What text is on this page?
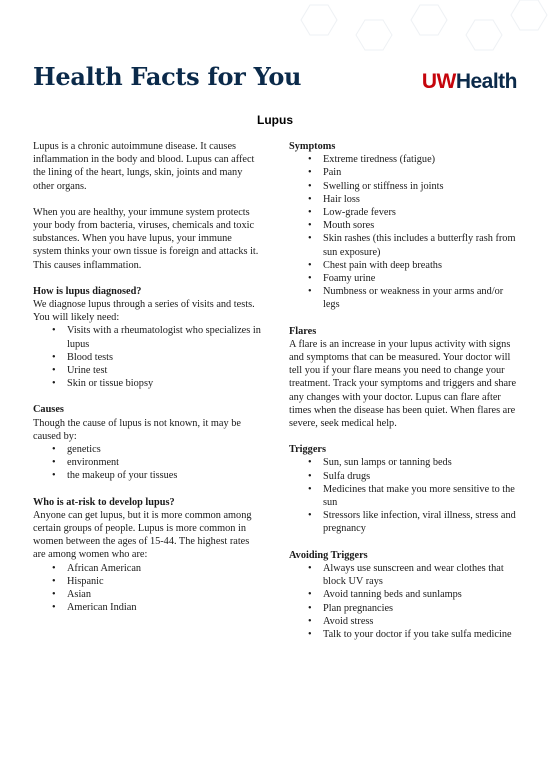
Health Facts for You	UWHealth
Lupus

Lupus is a chronic autoimmune disease. It causes inflammation in the body and blood. Lupus can affect the lining of the heart, lungs, skin, joints and many other organs.

When you are healthy, your immune system protects your body from bacteria, viruses, chemicals and toxic substances. When you have lupus, your immune system thinks your own tissue is foreign and attacks it. This causes inflammation.

How is lupus diagnosed?

We diagnose lupus through a series of visits and tests. You will likely need:

• Visits with a rheumatologist who specializes in lupus
• Blood tests
• Urine test
• Skin or tissue biopsy
Causes

Though the cause of lupus is not known, it may be caused by:

• genetics
• environment
• the makeup of your tissues
Who is at-risk to develop lupus?

Anyone can get lupus, but it is more common among certain groups of people. Lupus is more common in women between the ages of 15-44. The highest rates are among women who are:

• African American
• Hispanic
• Asian
• American Indian
Symptoms
• Extreme tiredness (fatigue)
• Pain
• Swelling or stiffness in joints
• Hair loss
• Low-grade fevers
• Mouth sores
• Skin rashes (this includes a butterfly rash from sun exposure)
• Chest pain with deep breaths
• Foamy urine
• Numbness or weakness in your arms and/or legs
Flares

A flare is an increase in your lupus activity with signs and symptoms that can be measured. Your doctor will tell you if your flare means you need to change your treatment. Track your symptoms and triggers and share any changes with your doctor. Lupus can flare after times when the disease has been quiet. When flares are severe, seek medical help.

Triggers
• Sun, sun lamps or tanning beds
• Sulfa drugs
• Medicines that make you more sensitive to the sun
• Stressors like infection, viral illness, stress and pregnancy
Avoiding Triggers
• Always use sunscreen and wear clothes that block UV rays
• Avoid tanning beds and sunlamps
• Plan pregnancies
• Avoid stress
• Talk to your doctor if you take sulfa medicine
